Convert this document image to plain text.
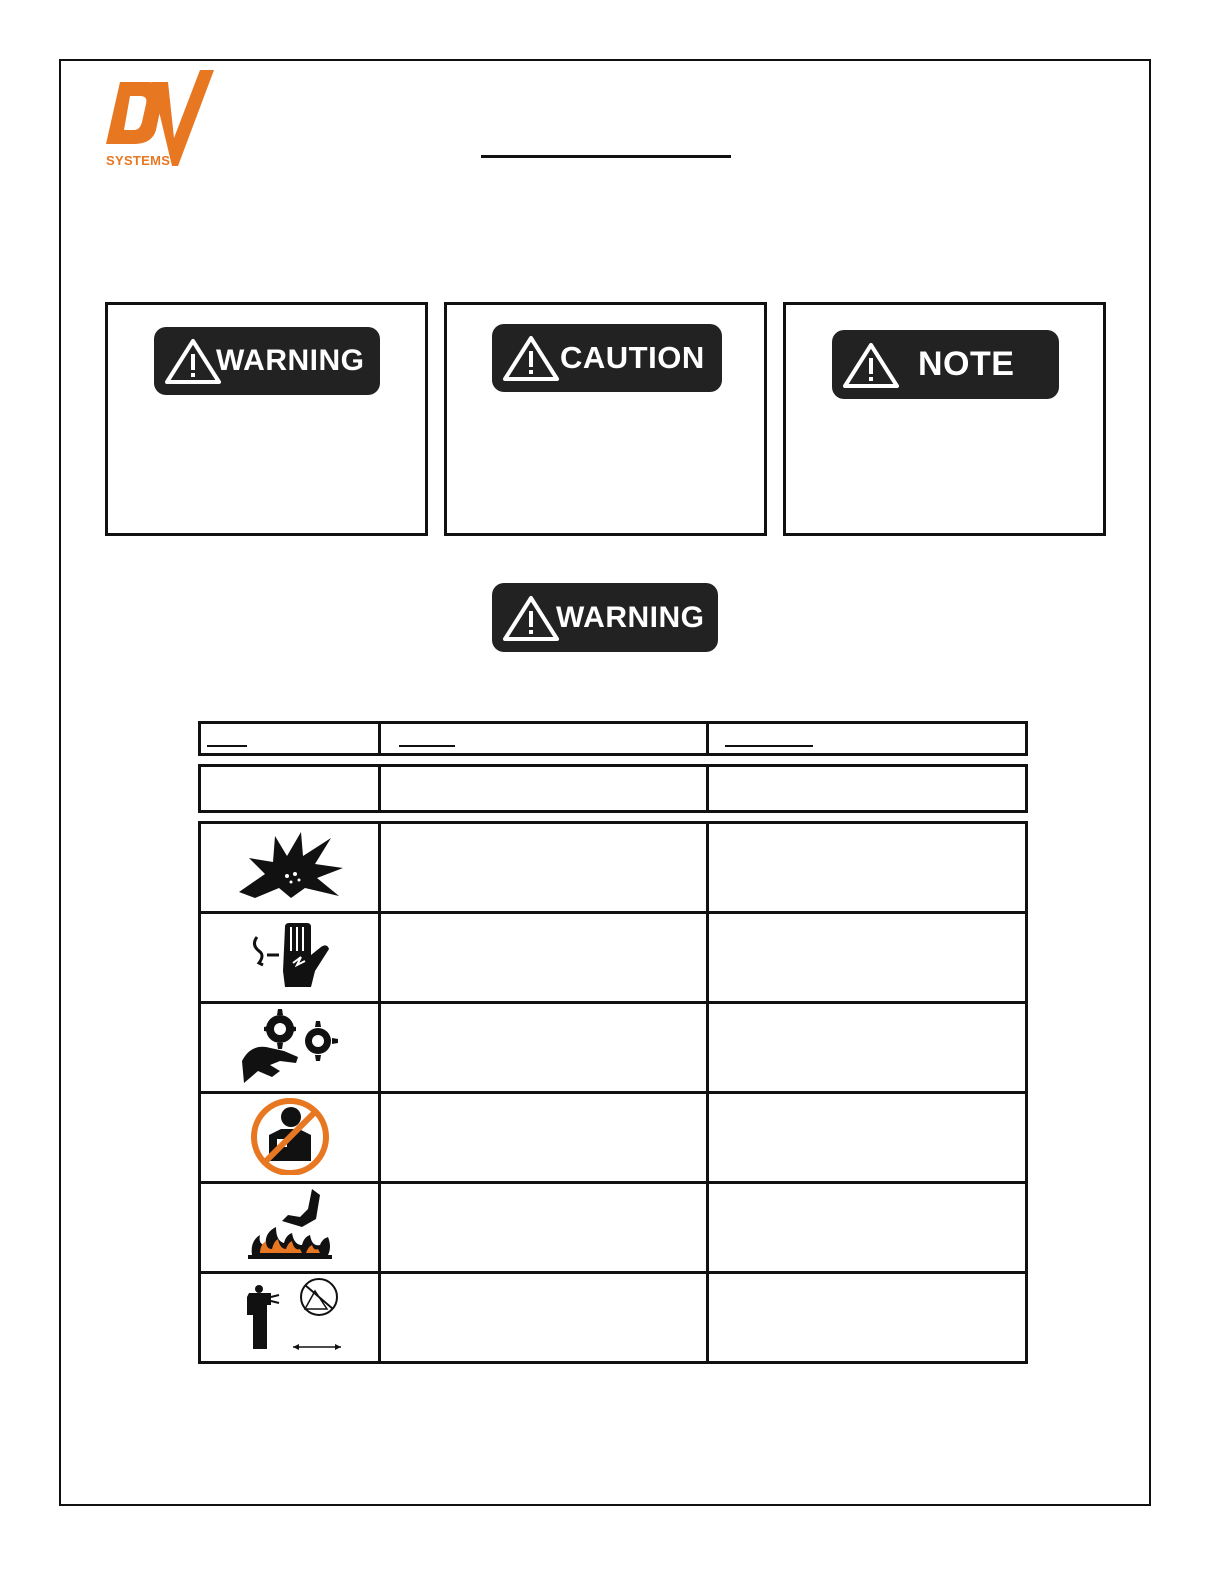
SYSTEMS
WARNING	CAUTION	NOTE
WARNING
